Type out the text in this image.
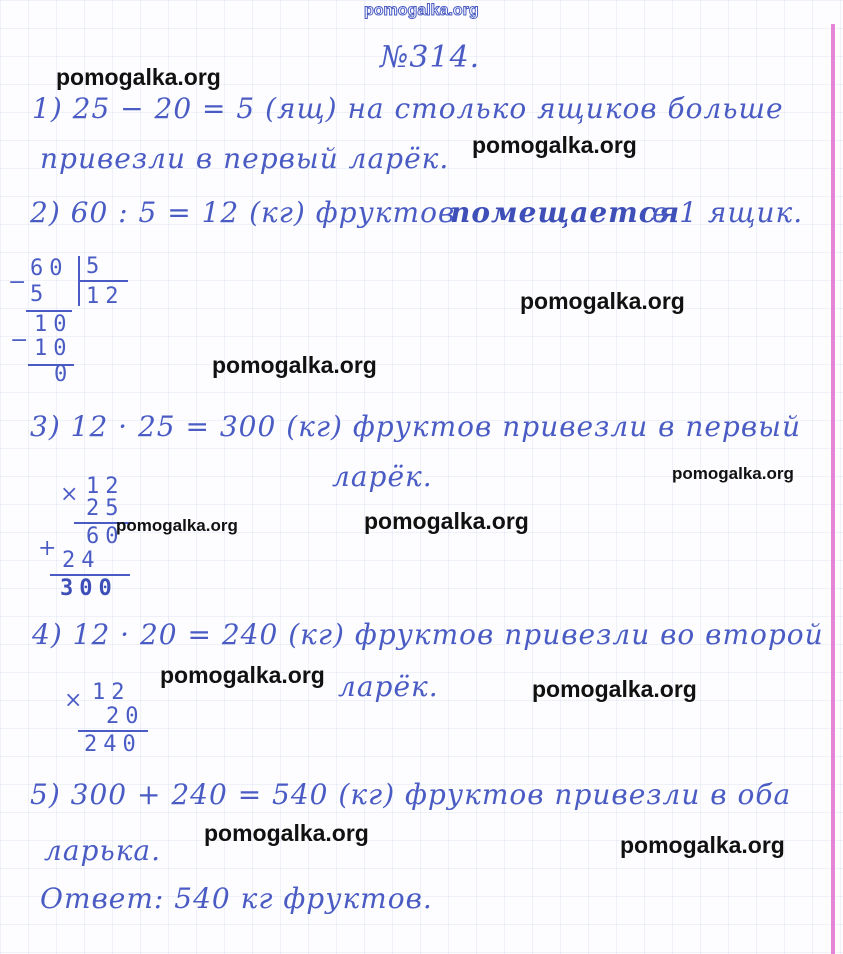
pomogalka.org
№314.
1) 25 − 20 = 5 (ящ) на столько ящиков больше
привезли в первый ларёк.
2) 60 : 5 = 12 (кг) фруктов
помещается
в 1 ящик.
60
−
5
12
5
10
− 10
0
3) 12 · 25 = 300 (кг) фруктов привезли в первый
ларёк.
× 12
25
60
+ 24
300
4) 12 · 20 = 240 (кг) фруктов привезли во второй
ларёк.
× 12
20
240
5) 300 + 240 = 540 (кг) фруктов привезли в оба
ларька.
Ответ: 540 кг фруктов.
pomogalka.org
pomogalka.org
pomogalka.org
pomogalka.org
pomogalka.org
pomogalka.org	pomogalka.org
pomogalka.org
pomogalka.org
pomogalka.org	pomogalka.org
